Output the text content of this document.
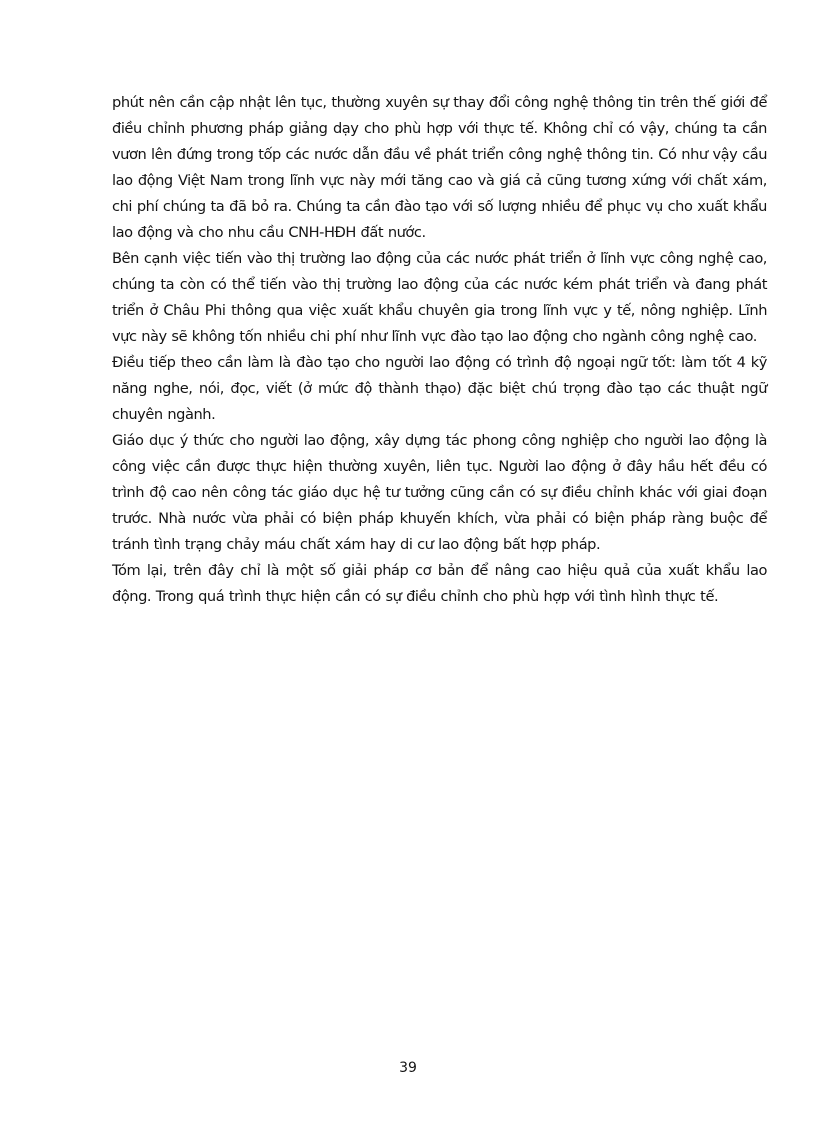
phút nên cần cập nhật lên tục, thường xuyên sự thay đổi công nghệ thông tin trên thế giới để điều chỉnh phương pháp giảng dạy cho phù hợp với thực tế. Không chỉ có vậy, chúng ta cần vươn lên đứng trong tốp các nước dẫn đầu về phát triển công nghệ thông tin. Có như vậy cầu lao động Việt Nam trong lĩnh vực này mới tăng cao và giá cả cũng tương xứng với chất xám, chi phí chúng ta đã bỏ ra. Chúng ta cần đào tạo với số lượng nhiều để phục vụ cho xuất khẩu lao động và cho nhu cầu CNH-HĐH đất nước.

Bên cạnh việc tiến vào thị trường lao động của các nước phát triển ở lĩnh vực công nghệ cao, chúng ta còn có thể tiến vào thị trường lao động của các nước kém phát triển và đang phát triển ở Châu Phi thông qua việc xuất khẩu chuyên gia trong lĩnh vực y tế, nông nghiệp. Lĩnh vực này sẽ không tốn nhiều chi phí như lĩnh vực đào tạo lao động cho ngành công nghệ cao.

Điều tiếp theo cần làm là đào tạo cho người lao động có trình độ ngoại ngữ tốt: làm tốt 4 kỹ năng nghe, nói, đọc, viết (ở mức độ thành thạo) đặc biệt chú trọng đào tạo các thuật ngữ chuyên ngành.

Giáo dục ý thức cho người lao động, xây dựng tác phong công nghiệp cho người lao động là công việc cần được thực hiện thường xuyên, liên tục. Người lao động ở đây hầu hết đều có trình độ cao nên công tác giáo dục hệ tư tưởng cũng cần có sự điều chỉnh khác với giai đoạn trước. Nhà nước vừa phải có biện pháp khuyến khích, vừa phải có biện pháp ràng buộc để tránh tình trạng chảy máu chất xám hay di cư lao động bất hợp pháp.

Tóm lại, trên đây chỉ là một số giải pháp cơ bản để nâng cao hiệu quả của xuất khẩu lao động. Trong quá trình thực hiện cần có sự điều chỉnh cho phù hợp với tình hình thực tế.

39
